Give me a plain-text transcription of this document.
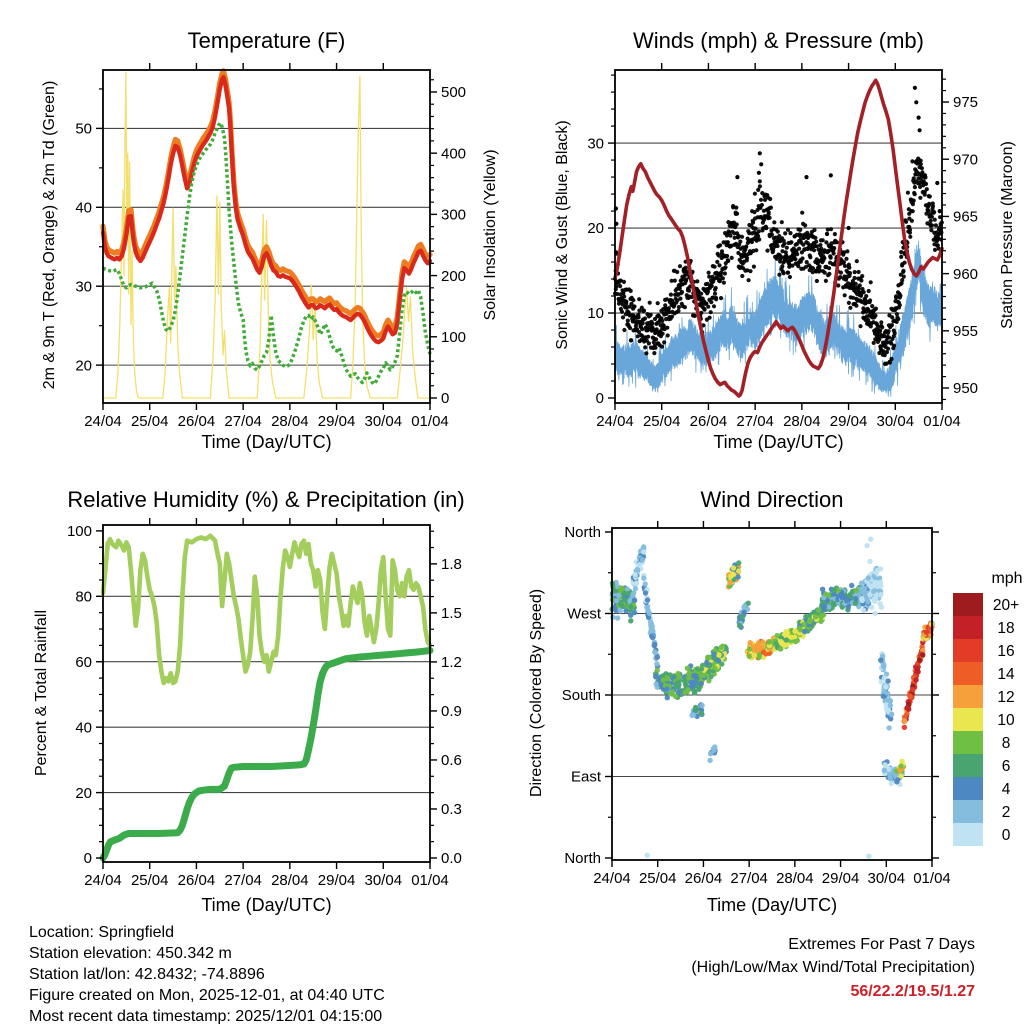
24/04 25/04 26/04 27/04 28/04 29/04 30/04 01/04
20
30
40
50
0
100
200
300
400
500
24/04 25/04 26/04 27/04 28/04 29/04 30/04 01/04
0
10
20
30
950
955
960
965
970
975
24/04 25/04 26/04 27/04 28/04 29/04 30/04 01/04
0
20
40
60
80
100
0.0
0.3
0.6
0.9
1.2
1.5
1.8
24/04 25/04 26/04 27/04 28/04 29/04 30/04 01/04
North
East
South
West
North
20+
18
16
14
12
10
8
6
4
2
0
Temperature (F)	Winds (mph) & Pressure (mb)
Relative Humidity (%) & Precipitation (in)	Wind Direction
2m & 9m T (Red, Orange) & 2m Td (Green)	Solar Insolation (Yellow)	Sonic Wind & Gust (Blue, Black)	Station Pressure (Maroon)
Percent & Total Rainfall	Direction (Colored By Speed)
Time (Day/UTC)	Time (Day/UTC)
Time (Day/UTC)	Time (Day/UTC)
mph
Location: Springfield
Station elevation: 450.342 m
Station lat/lon: 42.8432; -74.8896
Figure created on Mon, 2025-12-01, at 04:40 UTC
Most recent data timestamp: 2025/12/01 04:15:00
Extremes For Past 7 Days
(High/Low/Max Wind/Total Precipitation)
56/22.2/19.5/1.27
